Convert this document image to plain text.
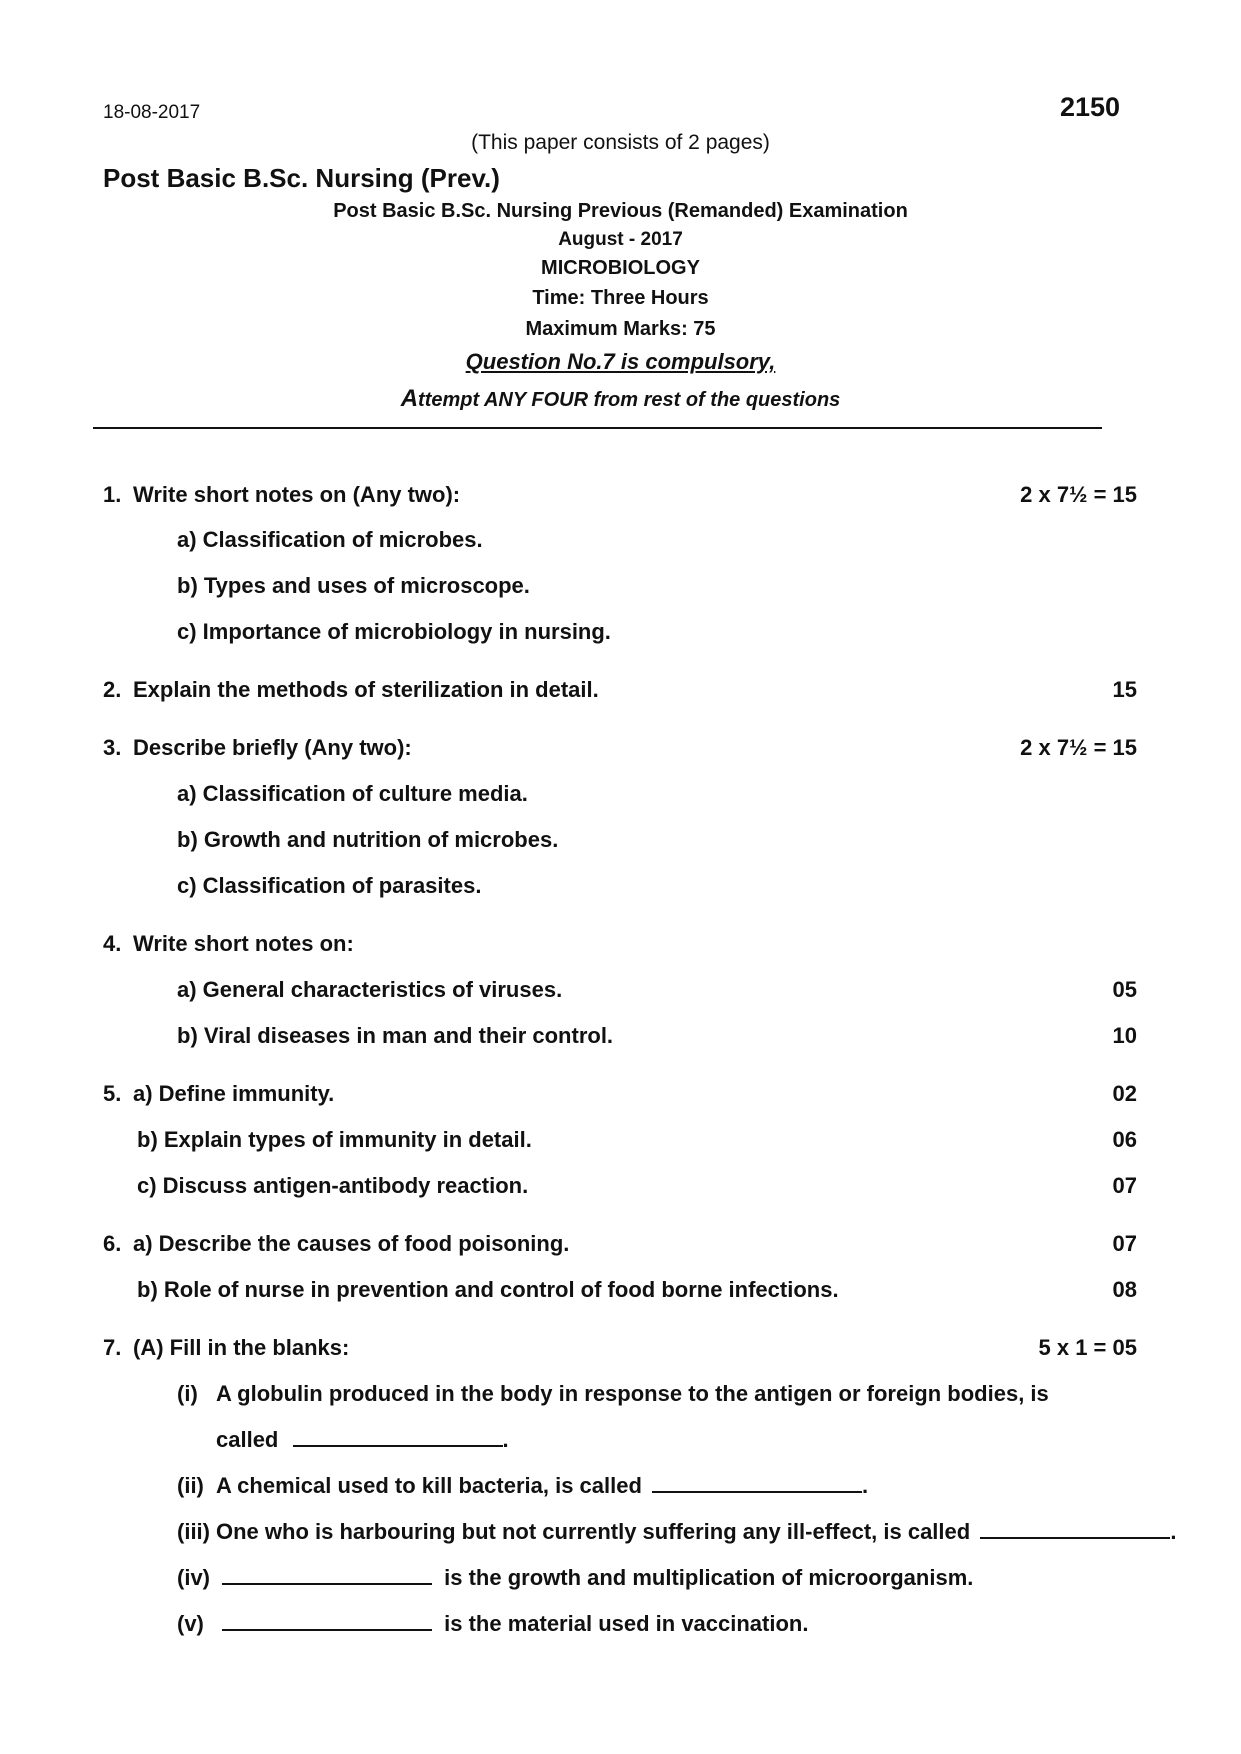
18-08-2017	2150
(This paper consists of 2 pages)
Post Basic B.Sc. Nursing (Prev.)
Post Basic B.Sc. Nursing Previous (Remanded) Examination
August - 2017
MICROBIOLOGY
Time: Three Hours
Maximum Marks: 75
Question No.7 is compulsory,
Attempt ANY FOUR from rest of the questions
1. Write short notes on (Any two):	2 x 7½ = 15
a) Classification of microbes.
b) Types and uses of microscope.
c) Importance of microbiology in nursing.
2. Explain the methods of sterilization in detail.	15
3. Describe briefly (Any two):	2 x 7½ = 15
a) Classification of culture media.
b) Growth and nutrition of microbes.
c) Classification of parasites.
4. Write short notes on:
a) General characteristics of viruses.	05
b) Viral diseases in man and their control.	10
5. a) Define immunity.	02
b) Explain types of immunity in detail.	06
c) Discuss antigen-antibody reaction.	07
6. a) Describe the causes of food poisoning.	07
b) Role of nurse in prevention and control of food borne infections.	08
7. (A) Fill in the blanks:	5 x 1 = 05
(i) A globulin produced in the body in response to the antigen or foreign bodies, is
called	.
(ii) A chemical used to kill bacteria, is called	.
(iii) One who is harbouring but not currently suffering any ill-effect, is called	.
(iv)	is the growth and multiplication of microorganism.
(v)	is the material used in vaccination.
